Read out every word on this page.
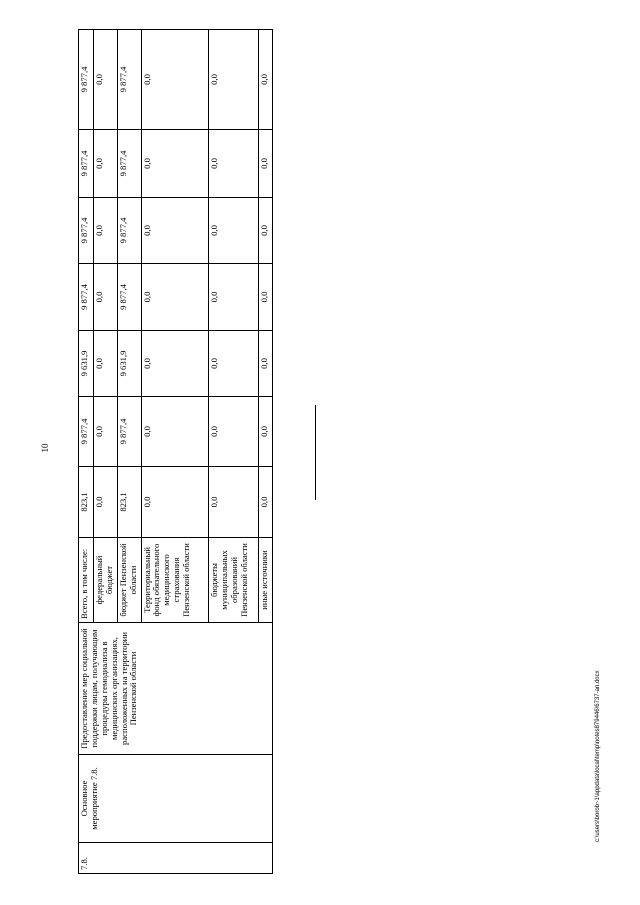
10
7.8.	Основное мероприятие 7.8.	Предоставление мер социальной поддержки лицам, получающим процедуры гемодиализа в медицинских организациях, расположенных на территории Пензенской области	Всего, в том числе:	823,1	9 877,4	9 631,9	9 877,4	9 877,4	9 877,4	9 877,4
			федеральный бюджет	0,0	0,0	0,0	0,0	0,0	0,0	0,0
			бюджет Пензенской области	823,1	9 877,4	9 631,9	9 877,4	9 877,4	9 877,4	9 877,4
			Территориальный фонд обязательного медицинского страхования Пензенской области	0,0	0,0	0,0	0,0	0,0	0,0	0,0
			бюджеты муниципальных образований Пензенской области	0,0	0,0	0,0	0,0	0,0	0,0	0,0
			иные источники	0,0	0,0	0,0	0,0	0,0	0,0	0,0
c:\users\borob~1\appdata\local\temp\notes879446\6737-an.docx
